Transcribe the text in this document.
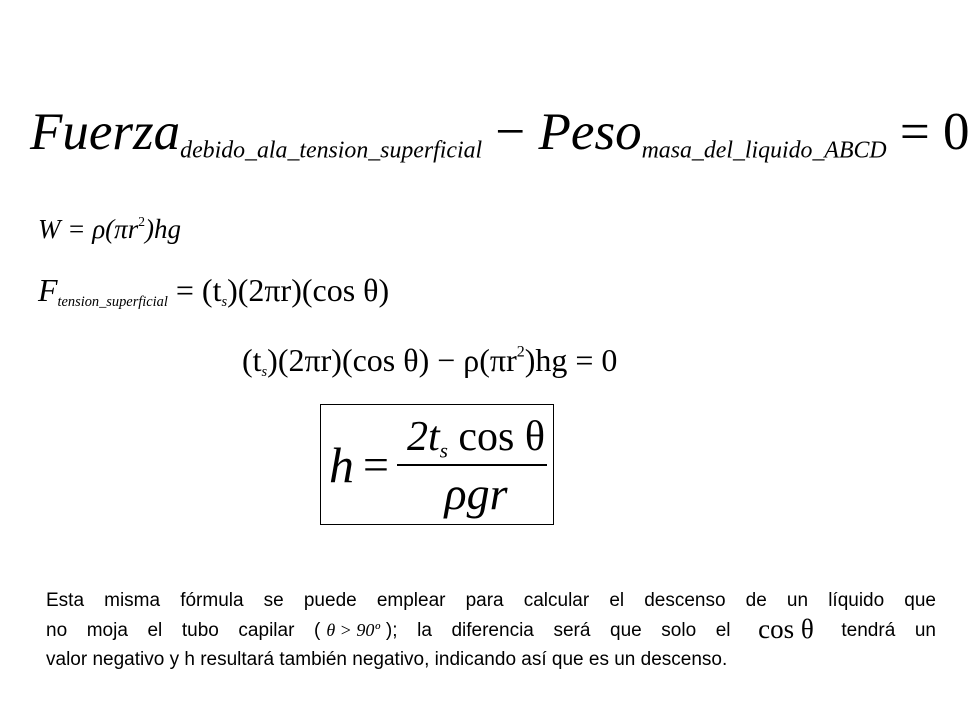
Fuerza$_{debido\_ala\_tension\_superficial}$ − Peso$_{masa\_del\_liquido\_ABCD}$ = 0
$W = \rho(\pi r^2)hg$
$F_{tension\_superficial} = (t_s)(2\pi r)(\cos$ θ)
$(t_s)(2\pi r)(\cos$ $\theta) - \rho(\pi r^2)hg = 0$
h =
$2t_s$ cos θ
ρgr
Esta misma fórmula se puede emplear para calcular el descenso de un líquido que
no moja el tubo capilar ( θ > 90º ); la diferencia será que solo el cos θ tendrá un
valor negativo y h resultará también negativo, indicando así que es un descenso.
